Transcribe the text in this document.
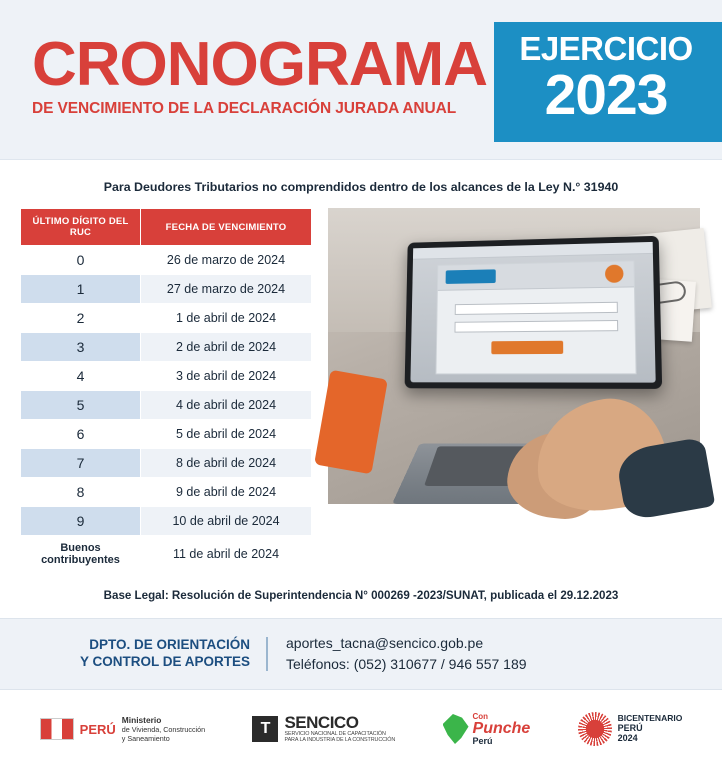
CRONOGRAMA
DE VENCIMIENTO DE LA DECLARACIÓN JURADA ANUAL
EJERCICIO
2023
Para Deudores Tributarios no comprendidos dentro de los alcances de la Ley N.° 31940
ÚLTIMO DÍGITO DEL RUC	FECHA DE VENCIMIENTO
0	26 de marzo de 2024
1	27 de marzo de 2024
2	1 de abril de 2024
3	2 de abril de 2024
4	3 de abril de 2024
5	4 de abril de 2024
6	5 de abril de 2024
7	8 de abril de 2024
8	9 de abril de 2024
9	10 de abril de 2024
Buenos contribuyentes	11 de abril de 2024
Base Legal: Resolución de Superintendencia N° 000269 -2023/SUNAT, publicada el 29.12.2023
DPTO. DE ORIENTACIÓN
Y CONTROL DE APORTES
aportes_tacna@sencico.gob.pe
Teléfonos: (052) 310677 / 946 557 189
PERÚ
Ministerio
de Vivienda, Construcción
y Saneamiento
T SENCICO
SERVICIO NACIONAL DE CAPACITACIÓN
PARA LA INDUSTRIA DE LA CONSTRUCCIÓN
Con
Punche
Perú
BICENTENARIO
PERÚ
2024
